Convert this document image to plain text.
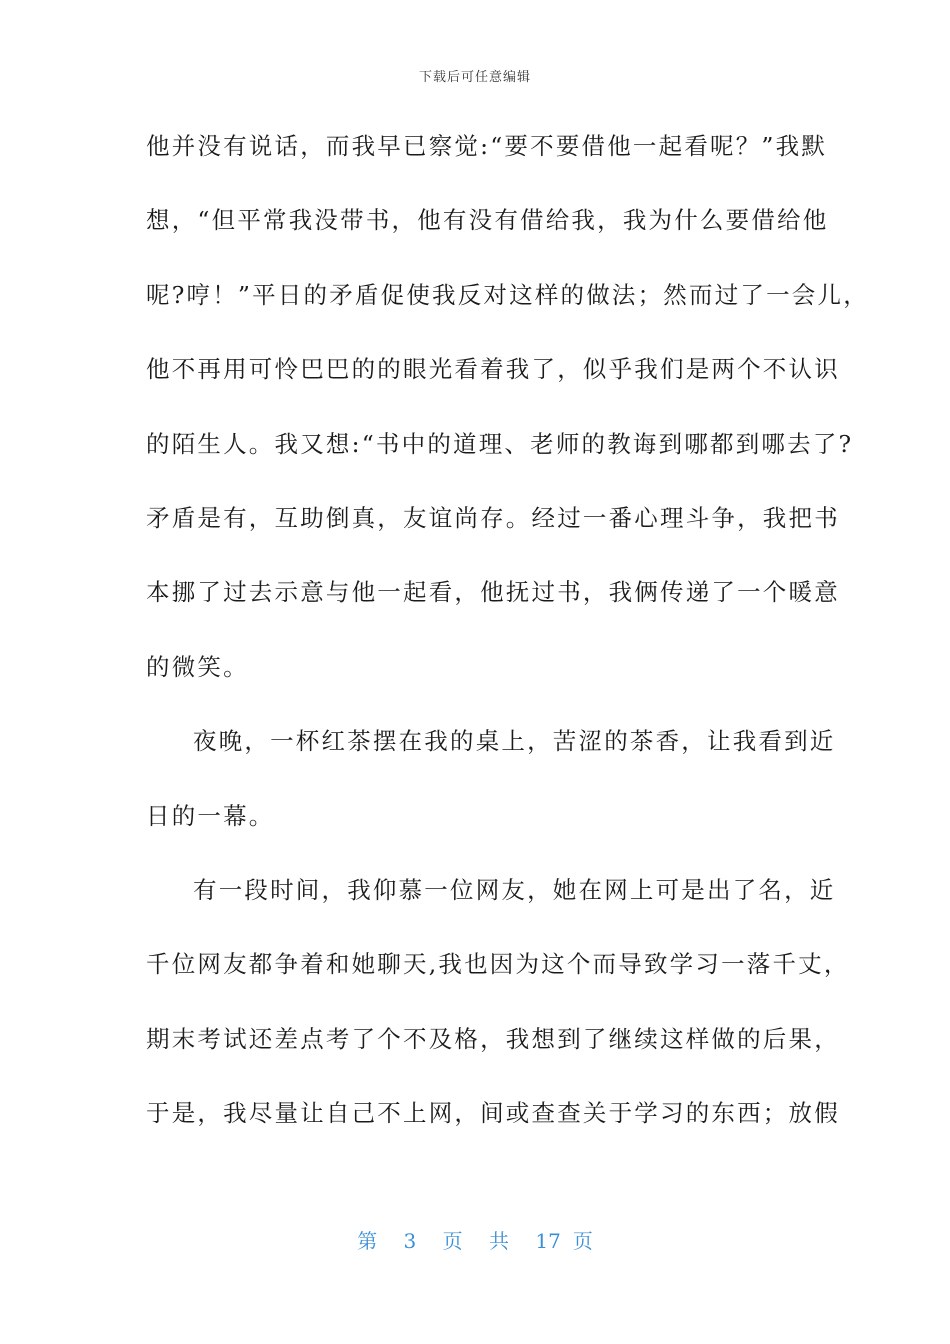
下载后可任意编辑
他并没有说话，而我早已察觉:“要不要借他一起看呢？”我默
想，“但平常我没带书，他有没有借给我，我为什么要借给他
呢?哼！”平日的矛盾促使我反对这样的做法；然而过了一会儿，
他不再用可怜巴巴的的眼光看着我了，似乎我们是两个不认识
的陌生人。我又想:“书中的道理、老师的教诲到哪都到哪去了?
矛盾是有，互助倒真，友谊尚存。经过一番心理斗争，我把书
本挪了过去示意与他一起看，他抚过书，我俩传递了一个暖意
的微笑。
夜晚，一杯红茶摆在我的桌上，苦涩的茶香，让我看到近
日的一幕。
有一段时间，我仰慕一位网友，她在网上可是出了名，近
千位网友都争着和她聊天,我也因为这个而导致学习一落千丈，
期末考试还差点考了个不及格，我想到了继续这样做的后果，
于是，我尽量让自己不上网，间或查查关于学习的东西；放假
第 3 页 共 17 页
